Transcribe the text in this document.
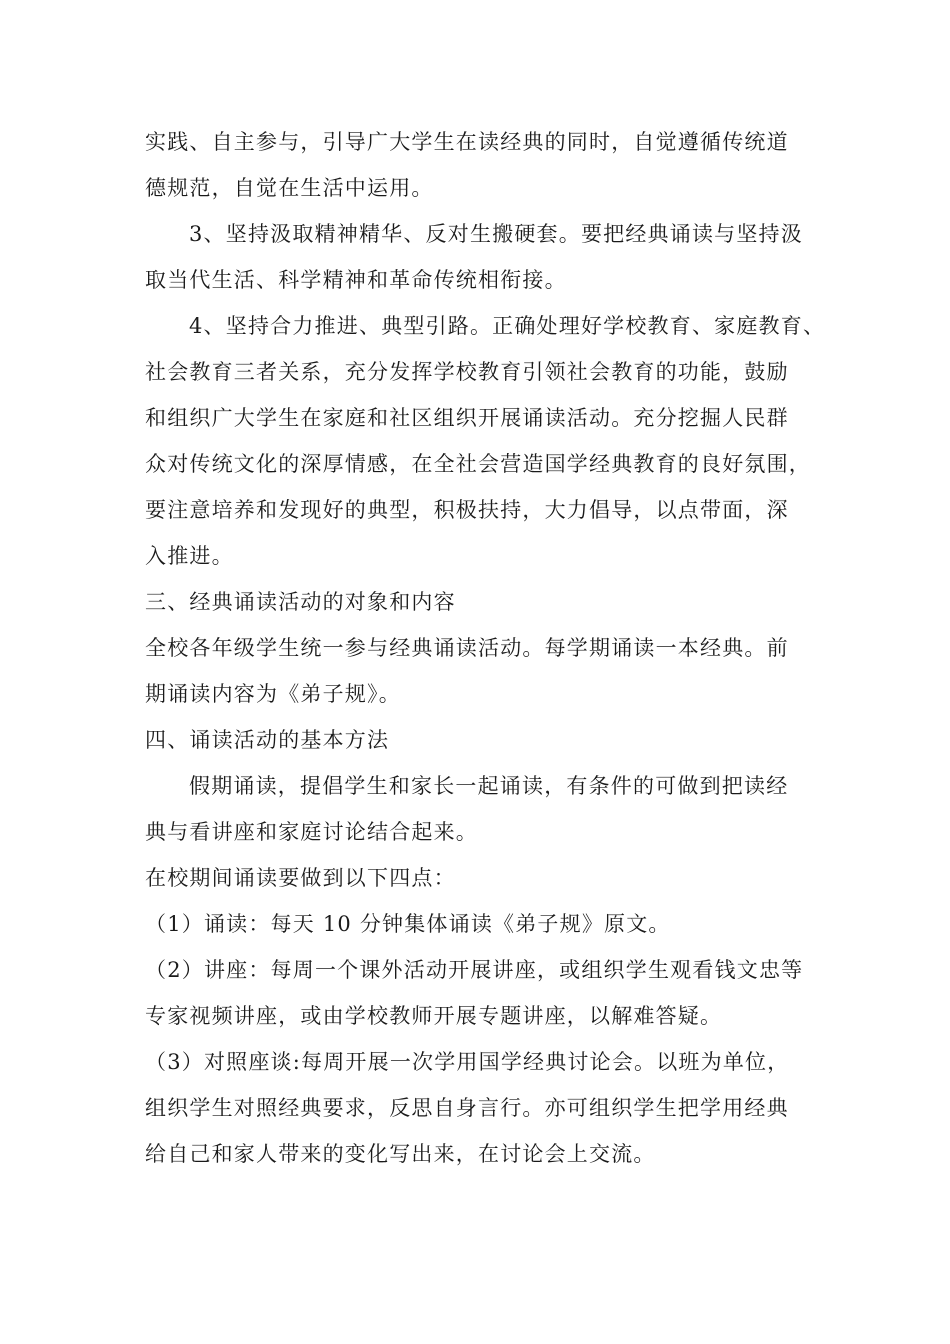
实践、自主参与，引导广大学生在读经典的同时，自觉遵循传统道
德规范，自觉在生活中运用。
3、坚持汲取精神精华、反对生搬硬套。要把经典诵读与坚持汲
取当代生活、科学精神和革命传统相衔接。
4、坚持合力推进、典型引路。正确处理好学校教育、家庭教育、
社会教育三者关系，充分发挥学校教育引领社会教育的功能，鼓励
和组织广大学生在家庭和社区组织开展诵读活动。充分挖掘人民群
众对传统文化的深厚情感，在全社会营造国学经典教育的良好氛围，
要注意培养和发现好的典型，积极扶持，大力倡导，以点带面，深
入推进。
三、经典诵读活动的对象和内容
全校各年级学生统一参与经典诵读活动。每学期诵读一本经典。前
期诵读内容为《弟子规》。
四、诵读活动的基本方法
假期诵读，提倡学生和家长一起诵读，有条件的可做到把读经
典与看讲座和家庭讨论结合起来。
在校期间诵读要做到以下四点：
（1）诵读：每天 10 分钟集体诵读《弟子规》原文。
（2）讲座：每周一个课外活动开展讲座，或组织学生观看钱文忠等
专家视频讲座，或由学校教师开展专题讲座，以解难答疑。
（3）对照座谈:每周开展一次学用国学经典讨论会。以班为单位，
组织学生对照经典要求，反思自身言行。亦可组织学生把学用经典
给自己和家人带来的变化写出来，在讨论会上交流。
